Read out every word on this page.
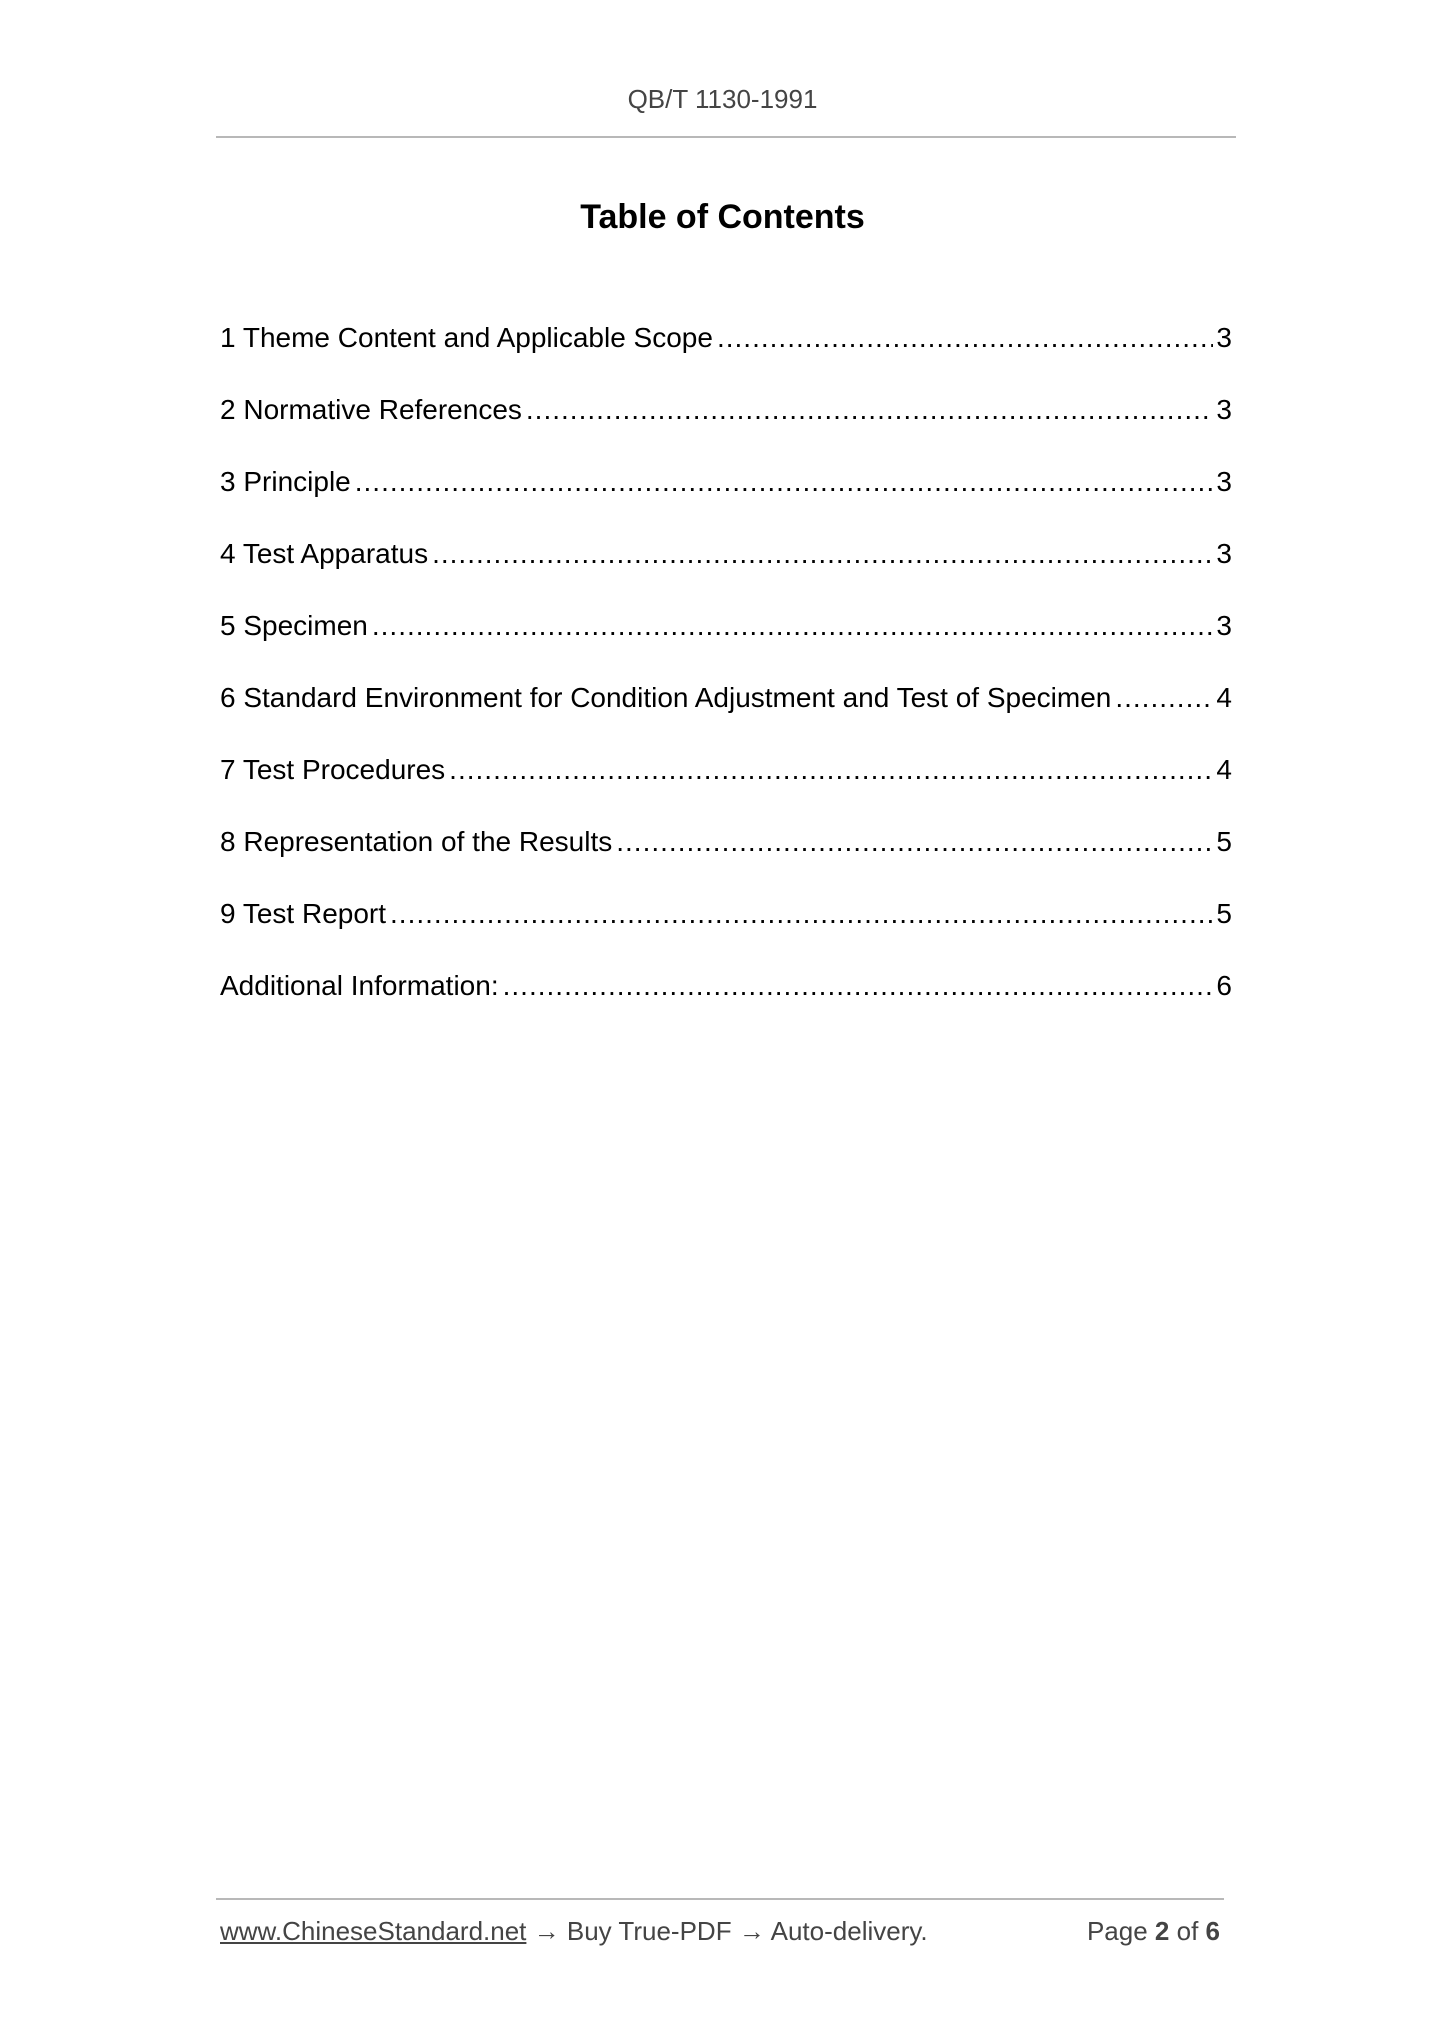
QB/T 1130-1991
Table of Contents
1 Theme Content and Applicable Scope .....	3
2 Normative References .....	3
3 Principle .....	3
4 Test Apparatus .....	3
5 Specimen .....	3
6 Standard Environment for Condition Adjustment and Test of Specimen .....	4
7 Test Procedures .....	4
8 Representation of the Results .....	5
9 Test Report .....	5
Additional Information: .....	6
www.ChineseStandard.net → Buy True-PDF → Auto-delivery.	Page 2 of 6
